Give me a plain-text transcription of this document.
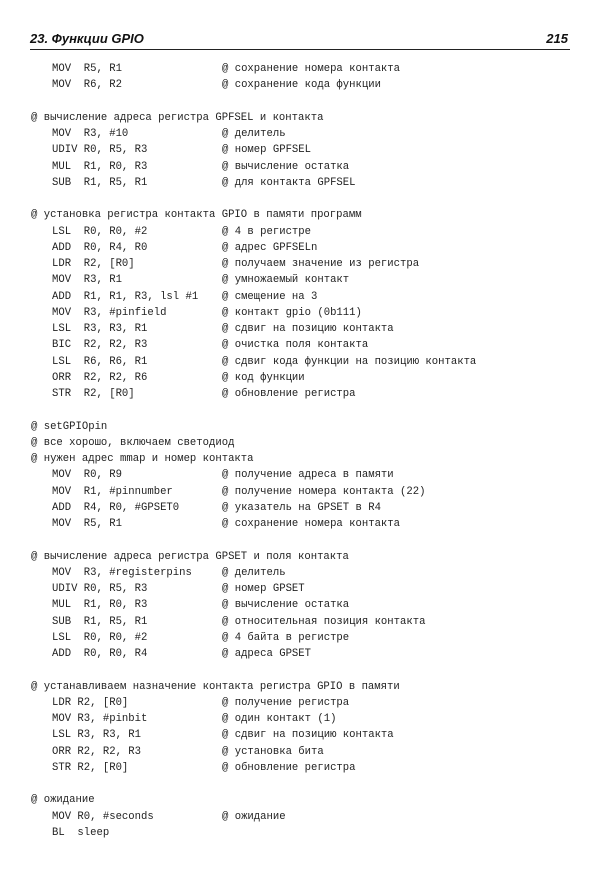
23. Функции GPIO	215
MOV  R5, R1	@ сохранение номера контакта
MOV  R6, R2	@ сохранение кода функции
@ вычисление адреса регистра GPFSEL и контакта
MOV  R3, #10	@ делитель
UDIV R0, R5, R3	@ номер GPFSEL
MUL  R1, R0, R3	@ вычисление остатка
SUB  R1, R5, R1	@ для контакта GPFSEL
@ установка регистра контакта GPIO в памяти программ
LSL  R0, R0, #2	@ 4 в регистре
ADD  R0, R4, R0	@ адрес GPFSELn
LDR  R2, [R0]	@ получаем значение из регистра
MOV  R3, R1	@ умножаемый контакт
ADD  R1, R1, R3, lsl #1 @ смещение на 3
MOV  R3, #pinfield	@ контакт gpio (0b111)
LSL  R3, R3, R1	@ сдвиг на позицию контакта
BIC  R2, R2, R3	@ очистка поля контакта
LSL  R6, R6, R1	@ сдвиг кода функции на позицию контакта
ORR  R2, R2, R6	@ код функции
STR  R2, [R0]	@ обновление регистра
@ setGPIOpin
@ все хорошо, включаем светодиод
@ нужен адрес mmap и номер контакта
MOV  R0, R9	@ получение адреса в памяти
MOV  R1, #pinnumber	@ получение номера контакта (22)
ADD  R4, R0, #GPSET0	@ указатель на GPSET в R4
MOV  R5, R1	@ сохранение номера контакта
@ вычисление адреса регистра GPSET и поля контакта
MOV  R3, #registerpins	@ делитель
UDIV R0, R5, R3	@ номер GPSET
MUL  R1, R0, R3	@ вычисление остатка
SUB  R1, R5, R1	@ относительная позиция контакта
LSL  R0, R0, #2	@ 4 байта в регистре
ADD  R0, R0, R4	@ адреса GPSET
@ устанавливаем назначение контакта регистра GPIO в памяти
LDR R2, [R0]	@ получение регистра
MOV R3, #pinbit	@ один контакт (1)
LSL R3, R3, R1	@ сдвиг на позицию контакта
ORR R2, R2, R3	@ установка бита
STR R2, [R0]	@ обновление регистра
@ ожидание
MOV R0, #seconds	@ ожидание
BL  sleep
